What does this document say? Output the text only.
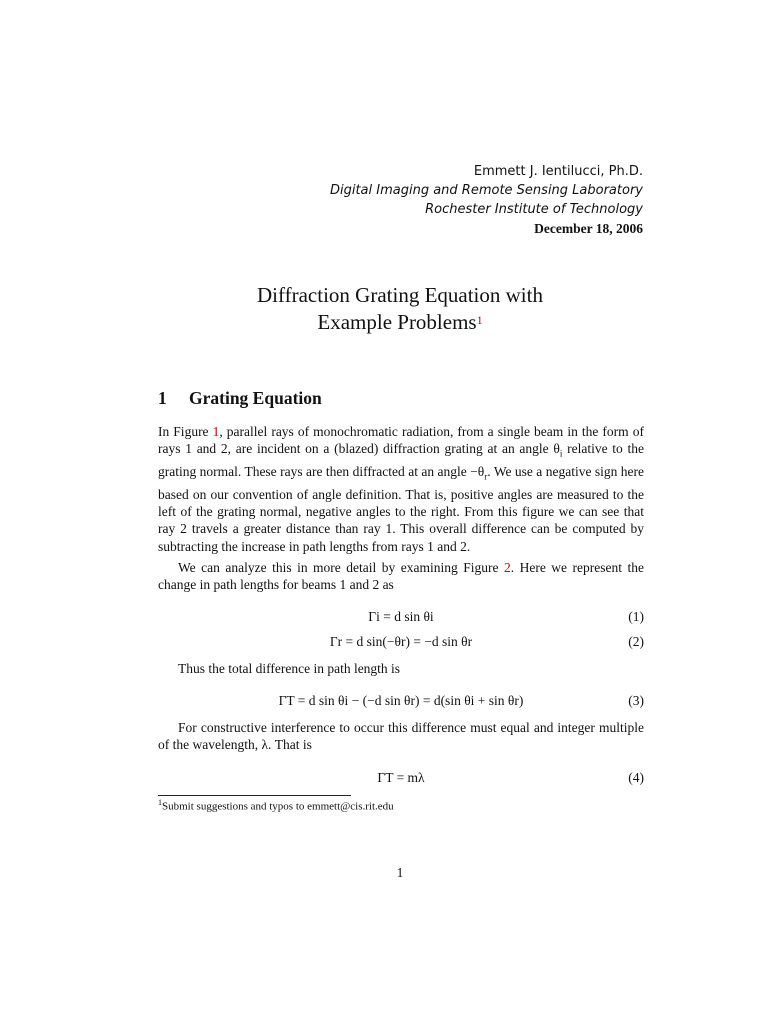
Emmett J. Ientilucci, Ph.D.
Digital Imaging and Remote Sensing Laboratory
Rochester Institute of Technology
December 18, 2006
Diffraction Grating Equation with
Example Problems$^1$
1 Grating Equation
In Figure 1, parallel rays of monochromatic radiation, from a single beam in the form of rays 1 and 2, are incident on a (blazed) diffraction grating at an angle $\theta_i$ relative to the grating normal. These rays are then diffracted at an angle $-\theta_r$. We use a negative sign here based on our convention of angle definition. That is, positive angles are measured to the left of the grating normal, negative angles to the right. From this figure we can see that ray 2 travels a greater distance than ray 1. This overall difference can be computed by subtracting the increase in path lengths from rays 1 and 2.
We can analyze this in more detail by examining Figure 2. Here we represent the change in path lengths for beams 1 and 2 as
Γi = d sin θi	(1)
Γr = d sin(−θr) = −d sin θr	(2)
Thus the total difference in path length is
ΓT = d sin θi − (−d sin θr) = d(sin θi + sin θr)	(3)
For constructive interference to occur this difference must equal and integer multiple of the wavelength, λ. That is
ΓT = mλ	(4)
$^1$Submit suggestions and typos to emmett@cis.rit.edu
1
